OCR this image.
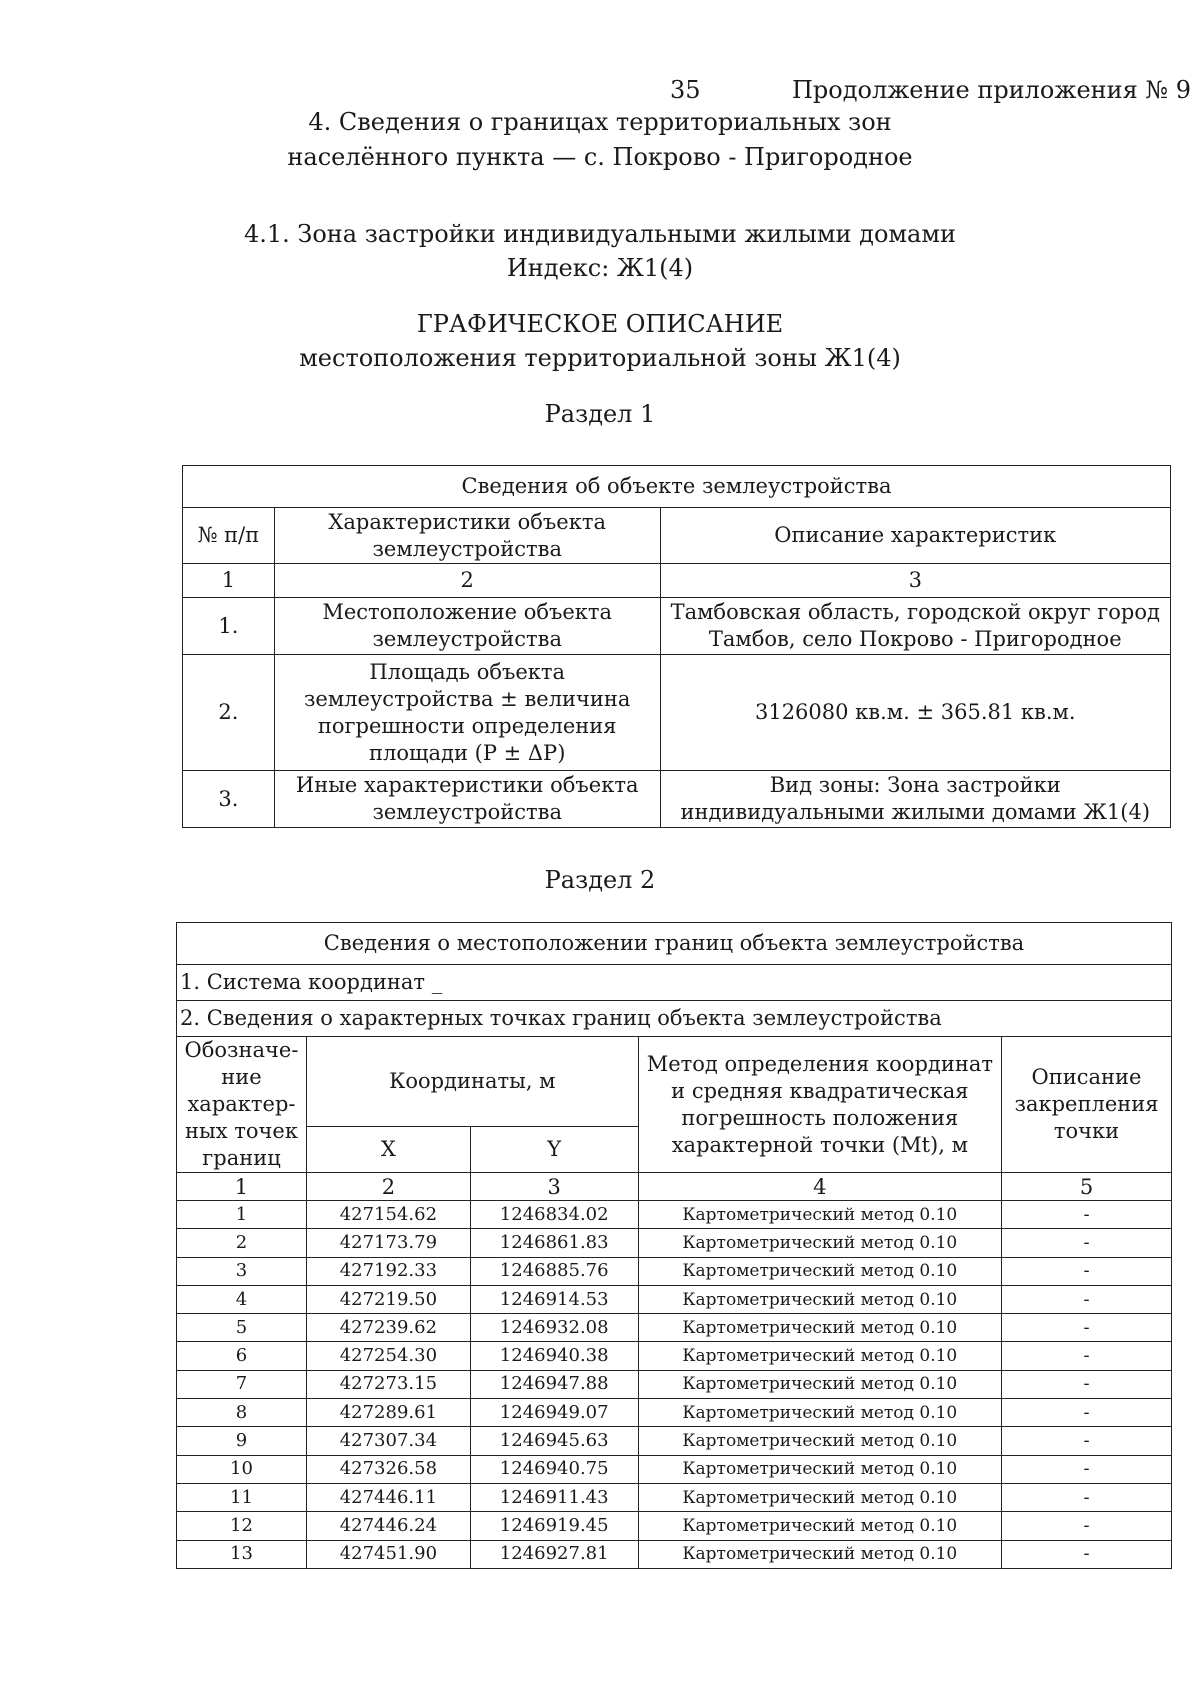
35	Продолжение приложения № 9
4. Сведения о границах территориальных зон
населённого пункта — с. Покрово - Пригородное
4.1. Зона застройки индивидуальными жилыми домами
Индекс: Ж1(4)
ГРАФИЧЕСКОЕ ОПИСАНИЕ
местоположения территориальной зоны Ж1(4)
Раздел 1
Сведения об объекте землеустройства		
№ п/п	Характеристики объекта землеустройства	Описание характеристик
1	2	3
1.	Местоположение объекта землеустройства	Тамбовская область, городской округ город Тамбов, село Покрово - Пригородное
2.	Площадь объекта землеустройства ± величина погрешности определения площади (Р ± ΔР)	3126080 кв.м. ± 365.81 кв.м.
3.	Иные характеристики объекта землеустройства	Вид зоны: Зона застройки индивидуальными жилыми домами Ж1(4)
Раздел 2
Сведения о местоположении границ объекта землеустройства				
1. Система координат _				
2. Сведения о характерных точках границ объекта землеустройства				
Обозначе-ние характер-ных точек границ	Координаты, м		Метод определения координат и средняя квадратическая погрешность положения характерной точки (Mt), м	Описание закрепления точки
	X	Y		
1	2	3	4	5
1	427154.62	1246834.02	Картометрический метод 0.10	-
2	427173.79	1246861.83	Картометрический метод 0.10	-
3	427192.33	1246885.76	Картометрический метод 0.10	-
4	427219.50	1246914.53	Картометрический метод 0.10	-
5	427239.62	1246932.08	Картометрический метод 0.10	-
6	427254.30	1246940.38	Картометрический метод 0.10	-
7	427273.15	1246947.88	Картометрический метод 0.10	-
8	427289.61	1246949.07	Картометрический метод 0.10	-
9	427307.34	1246945.63	Картометрический метод 0.10	-
10	427326.58	1246940.75	Картометрический метод 0.10	-
11	427446.11	1246911.43	Картометрический метод 0.10	-
12	427446.24	1246919.45	Картометрический метод 0.10	-
13	427451.90	1246927.81	Картометрический метод 0.10	-
